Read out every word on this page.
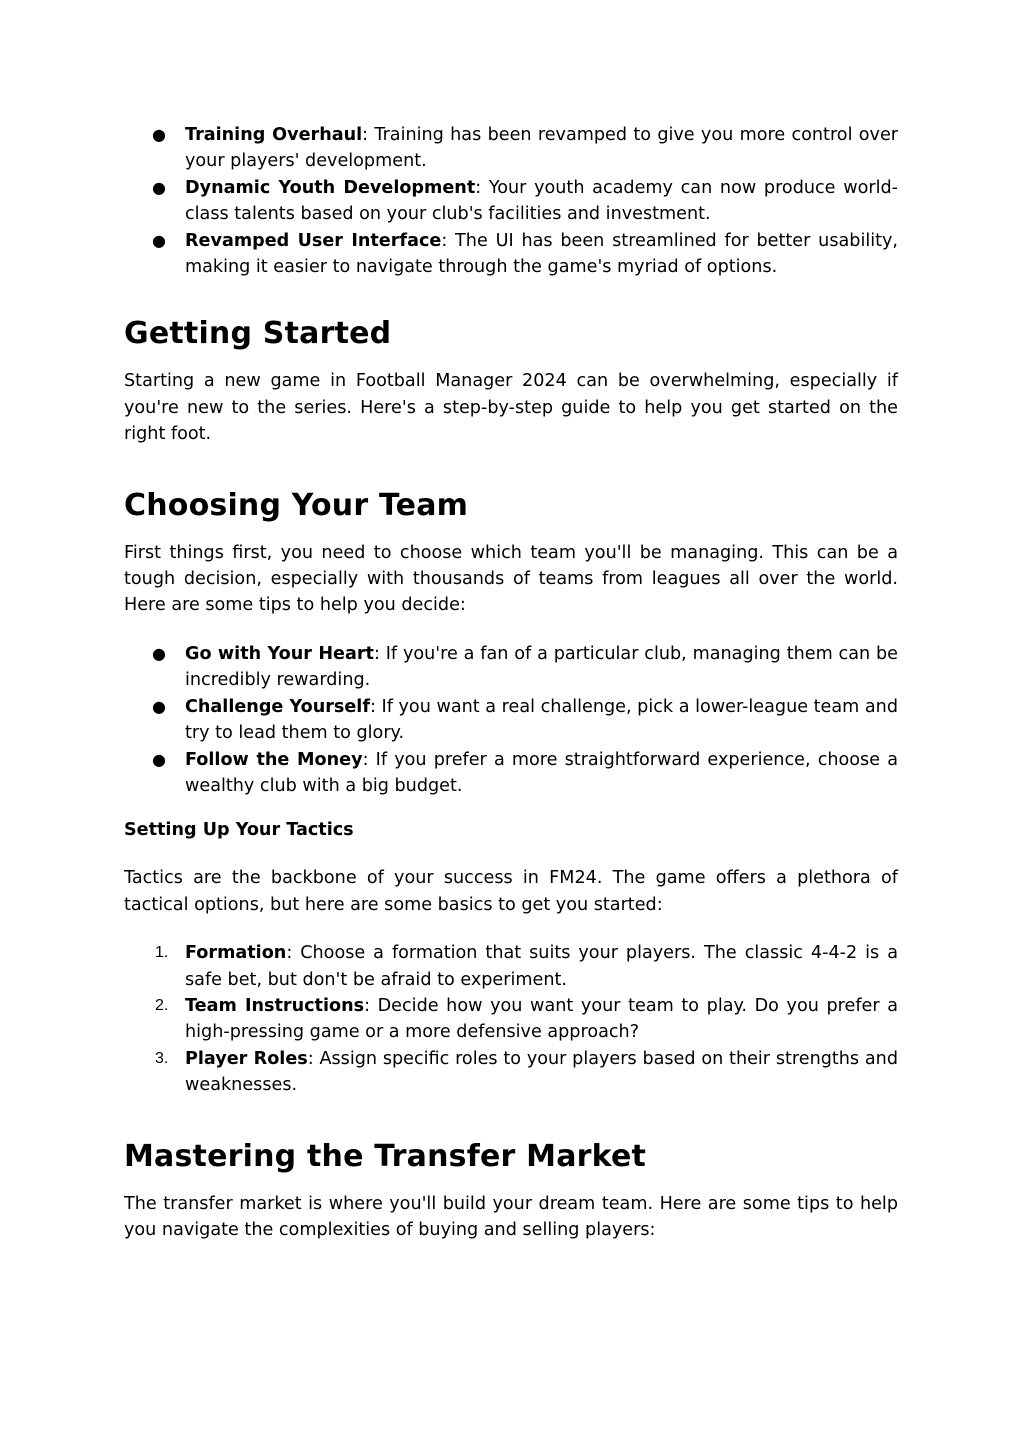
● Training Overhaul: Training has been revamped to give you more control over your players' development.
● Dynamic Youth Development: Your youth academy can now produce world-class talents based on your club's facilities and investment.
● Revamped User Interface: The UI has been streamlined for better usability, making it easier to navigate through the game's myriad of options.
Getting Started

Starting a new game in Football Manager 2024 can be overwhelming, especially if you're new to the series. Here's a step-by-step guide to help you get started on the right foot.

Choosing Your Team

First things first, you need to choose which team you'll be managing. This can be a tough decision, especially with thousands of teams from leagues all over the world. Here are some tips to help you decide:

● Go with Your Heart: If you're a fan of a particular club, managing them can be incredibly rewarding.
● Challenge Yourself: If you want a real challenge, pick a lower-league team and try to lead them to glory.
● Follow the Money: If you prefer a more straightforward experience, choose a wealthy club with a big budget.
Setting Up Your Tactics

Tactics are the backbone of your success in FM24. The game offers a plethora of tactical options, but here are some basics to get you started:

1. Formation: Choose a formation that suits your players. The classic 4-4-2 is a safe bet, but don't be afraid to experiment.
2. Team Instructions: Decide how you want your team to play. Do you prefer a high-pressing game or a more defensive approach?
3. Player Roles: Assign specific roles to your players based on their strengths and weaknesses.
Mastering the Transfer Market

The transfer market is where you'll build your dream team. Here are some tips to help you navigate the complexities of buying and selling players:
